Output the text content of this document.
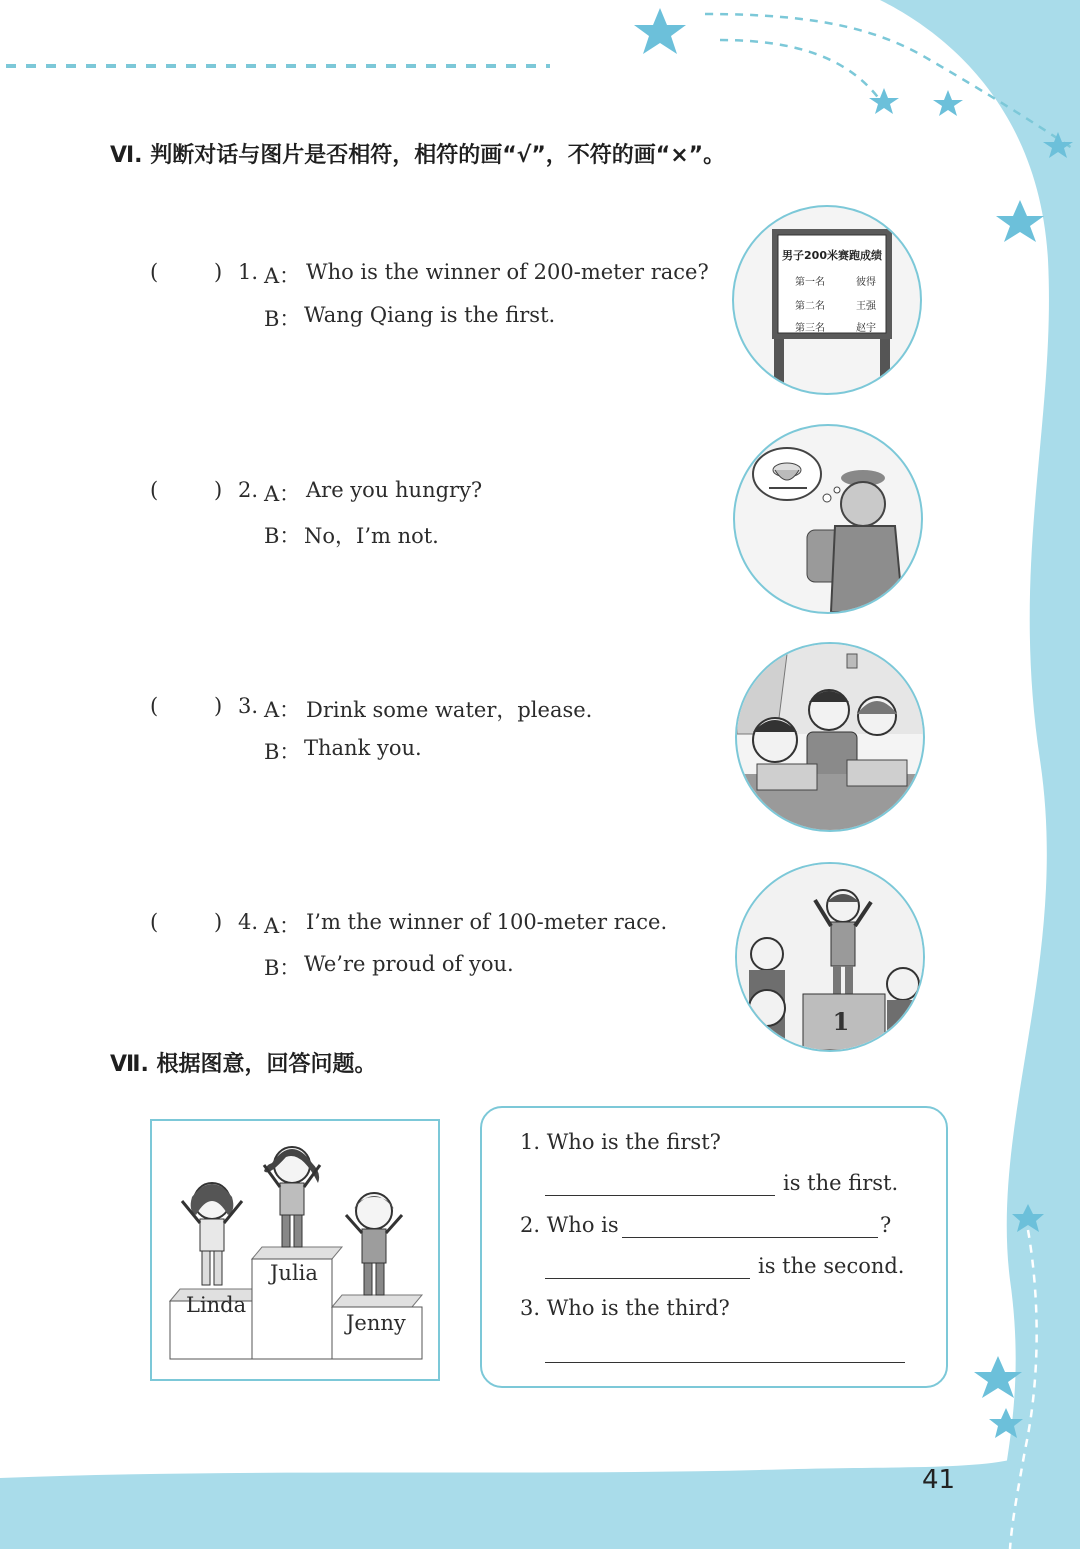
Ⅵ. 判断对话与图片是否相符，相符的画“√”，不符的画“×”。
(	) 1. A： Who is the winner of 200-meter race?
B： Wang Qiang is the first.
男子200米赛跑成绩
第一名	彼得
第二名	王强
第三名	赵宇
(	) 2. A： Are you hungry?
B： No，I’m not.
(	) 3. A： Drink some water，please.
B： Thank you.
(	) 4. A： I’m the winner of 100-meter race.
B： We’re proud of you.
1
Ⅶ. 根据图意，回答问题。
Julia
Linda
Jenny
1. Who is the first?
is the first.
2. Who is	?
is the second.
3. Who is the third?
41
